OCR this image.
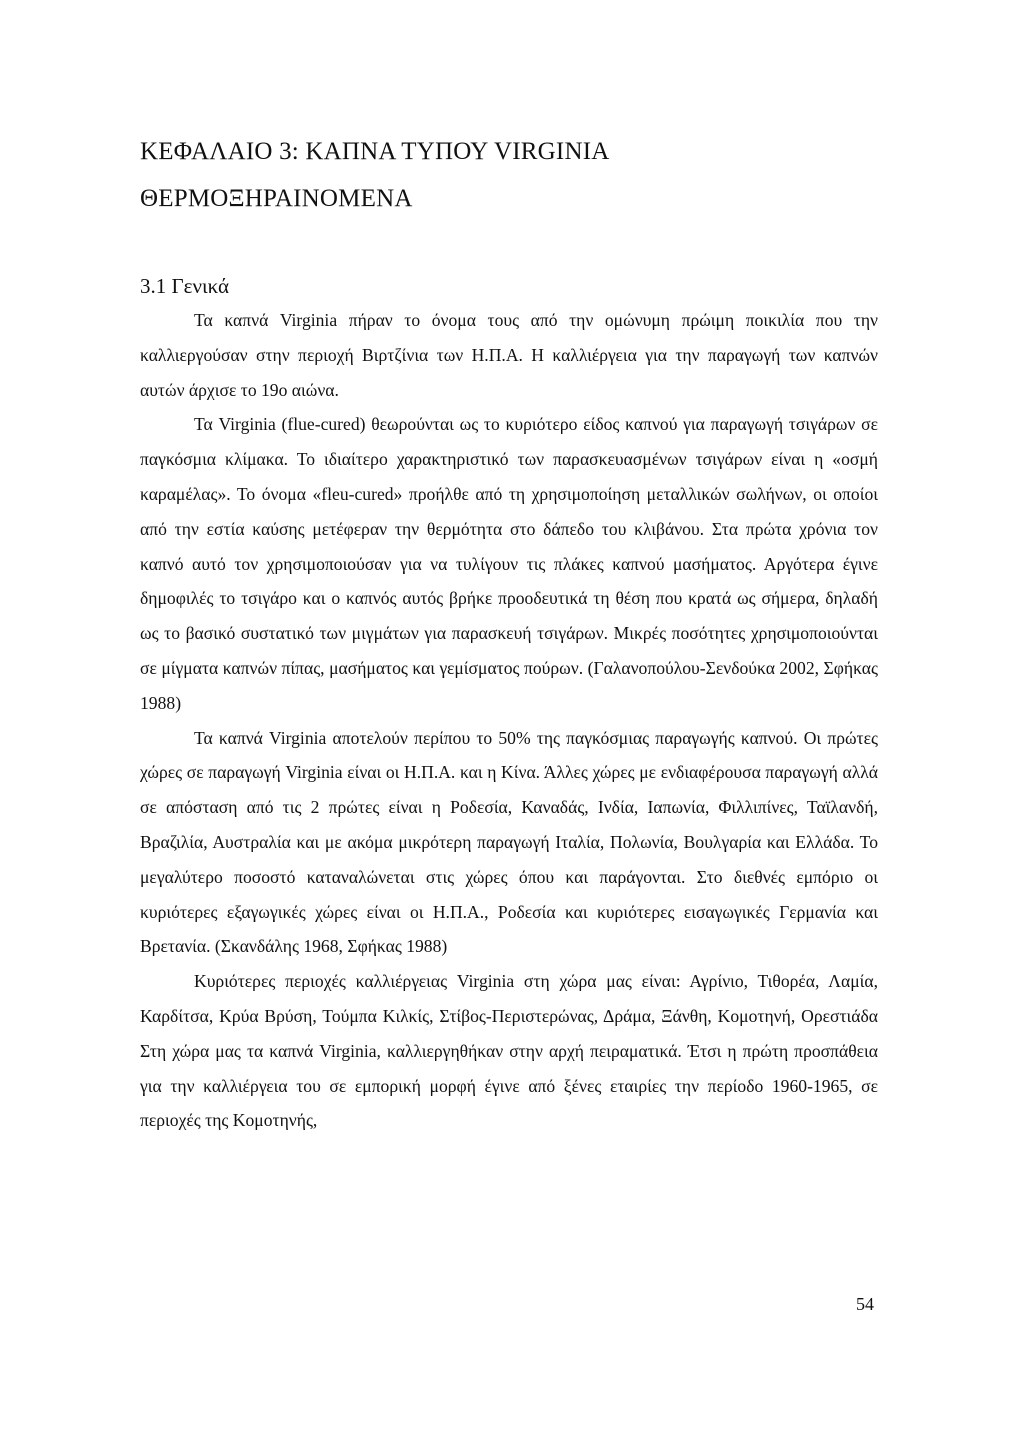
ΚΕΦΑΛΑΙΟ 3: ΚΑΠΝΑ ΤΥΠΟΥ VIRGINIA
ΘΕΡΜΟΞΗΡΑΙΝΟΜΕΝΑ
3.1 Γενικά

Τα καπνά Virginia πήραν το όνομα τους από την ομώνυμη πρώιμη ποικιλία που την καλλιεργούσαν στην περιοχή Βιρτζίνια των Η.Π.Α. Η καλλιέργεια για την παραγωγή των καπνών αυτών άρχισε το 19ο αιώνα.

Τα Virginia (flue-cured) θεωρούνται ως το κυριότερο είδος καπνού για παραγωγή τσιγάρων σε παγκόσμια κλίμακα. Το ιδιαίτερο χαρακτηριστικό των παρασκευασμένων τσιγάρων είναι η «οσμή καραμέλας». Το όνομα «fleu-cured» προήλθε από τη χρησιμοποίηση μεταλλικών σωλήνων, οι οποίοι από την εστία καύσης μετέφεραν την θερμότητα στο δάπεδο του κλιβάνου. Στα πρώτα χρόνια τον καπνό αυτό τον χρησιμοποιούσαν για να τυλίγουν τις πλάκες καπνού μασήματος. Αργότερα έγινε δημοφιλές το τσιγάρο και ο καπνός αυτός βρήκε προοδευτικά τη θέση που κρατά ως σήμερα, δηλαδή ως το βασικό συστατικό των μιγμάτων για παρασκευή τσιγάρων. Μικρές ποσότητες χρησιμοποιούνται σε μίγματα καπνών πίπας, μασήματος και γεμίσματος πούρων. (Γαλανοπούλου-Σενδούκα 2002, Σφήκας 1988)

Τα καπνά Virginia αποτελούν περίπου το 50% της παγκόσμιας παραγωγής καπνού. Οι πρώτες χώρες σε παραγωγή Virginia είναι οι Η.Π.Α. και η Κίνα. Άλλες χώρες με ενδιαφέρουσα παραγωγή αλλά σε απόσταση από τις 2 πρώτες είναι η Ροδεσία, Καναδάς, Ινδία, Ιαπωνία, Φιλλιπίνες, Ταϊλανδή, Βραζιλία, Αυστραλία και με ακόμα μικρότερη παραγωγή Ιταλία, Πολωνία, Βουλγαρία και Ελλάδα. Το μεγαλύτερο ποσοστό καταναλώνεται στις χώρες όπου και παράγονται. Στο διεθνές εμπόριο οι κυριότερες εξαγωγικές χώρες είναι οι Η.Π.Α., Ροδεσία και κυριότερες εισαγωγικές Γερμανία και Βρετανία. (Σκανδάλης 1968, Σφήκας 1988)

Κυριότερες περιοχές καλλιέργειας Virginia στη χώρα μας είναι: Αγρίνιο, Τιθορέα, Λαμία, Καρδίτσα, Κρύα Βρύση, Τούμπα Κιλκίς, Στίβος-Περιστερώνας, Δράμα, Ξάνθη, Κομοτηνή, Ορεστιάδα Στη χώρα μας τα καπνά Virginia, καλλιεργηθήκαν στην αρχή πειραματικά. Έτσι η πρώτη προσπάθεια για την καλλιέργεια του σε εμπορική μορφή έγινε από ξένες εταιρίες την περίοδο 1960-1965, σε περιοχές της Κομοτηνής,

54
